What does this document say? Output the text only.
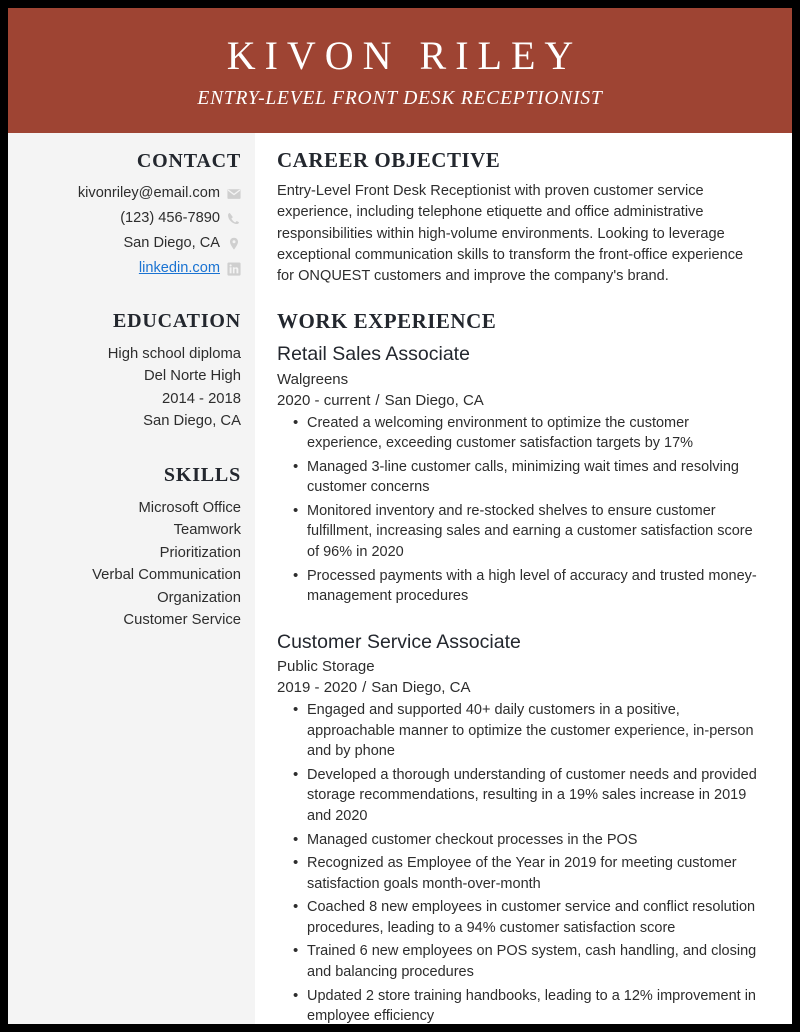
KIVON RILEY
ENTRY-LEVEL FRONT DESK RECEPTIONIST
CONTACT
kivonriley@email.com
(123) 456-7890
San Diego, CA
linkedin.com
EDUCATION
High school diploma
Del Norte High
2014 - 2018
San Diego, CA
SKILLS
Microsoft Office
Teamwork
Prioritization
Verbal Communication
Organization
Customer Service
CAREER OBJECTIVE

Entry-Level Front Desk Receptionist with proven customer service experience, including telephone etiquette and office administrative responsibilities within high-volume environments. Looking to leverage exceptional communication skills to transform the front-office experience for ONQUEST customers and improve the company's brand.

WORK EXPERIENCE
Retail Sales Associate
Walgreens
2020 - current / San Diego, CA
• Created a welcoming environment to optimize the customer experience, exceeding customer satisfaction targets by 17%
• Managed 3-line customer calls, minimizing wait times and resolving customer concerns
• Monitored inventory and re-stocked shelves to ensure customer fulfillment, increasing sales and earning a customer satisfaction score of 96% in 2020
• Processed payments with a high level of accuracy and trusted money-management procedures
Customer Service Associate
Public Storage
2019 - 2020 / San Diego, CA
• Engaged and supported 40+ daily customers in a positive, approachable manner to optimize the customer experience, in-person and by phone
• Developed a thorough understanding of customer needs and provided storage recommendations, resulting in a 19% sales increase in 2019 and 2020
• Managed customer checkout processes in the POS
• Recognized as Employee of the Year in 2019 for meeting customer satisfaction goals month-over-month
• Coached 8 new employees in customer service and conflict resolution procedures, leading to a 94% customer satisfaction score
• Trained 6 new employees on POS system, cash handling, and closing and balancing procedures
• Updated 2 store training handbooks, leading to a 12% improvement in employee efficiency
